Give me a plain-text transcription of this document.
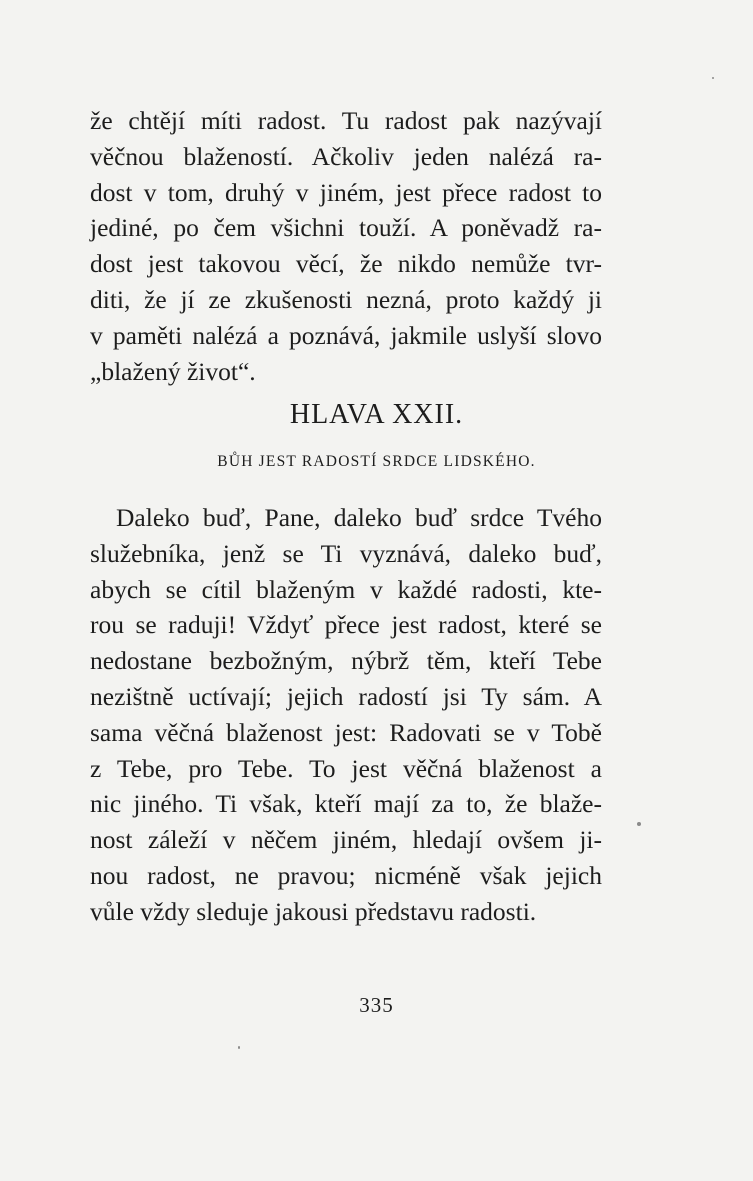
že chtějí míti radost. Tu radost pak nazývají
věčnou blažeností. Ačkoliv jeden nalézá ra-
dost v tom, druhý v jiném, jest přece radost to
jediné, po čem všichni touží. A poněvadž ra-
dost jest takovou věcí, že nikdo nemůže tvr-
diti, že jí ze zkušenosti nezná, proto každý ji
v paměti nalézá a poznává, jakmile uslyší slovo
„blažený život“.
HLAVA XXII.
BŮH JEST RADOSTÍ SRDCE LIDSKÉHO.
Daleko buď, Pane, daleko buď srdce Tvého
služebníka, jenž se Ti vyznává, daleko buď,
abych se cítil blaženým v každé radosti, kte-
rou se raduji! Vždyť přece jest radost, které se
nedostane bezbožným, nýbrž těm, kteří Tebe
nezištně uctívají; jejich radostí jsi Ty sám. A
sama věčná blaženost jest: Radovati se v Tobě
z Tebe, pro Tebe. To jest věčná blaženost a
nic jiného. Ti však, kteří mají za to, že blaže-
nost záleží v něčem jiném, hledají ovšem ji-
nou radost, ne pravou; nicméně však jejich
vůle vždy sleduje jakousi představu radosti.
335
